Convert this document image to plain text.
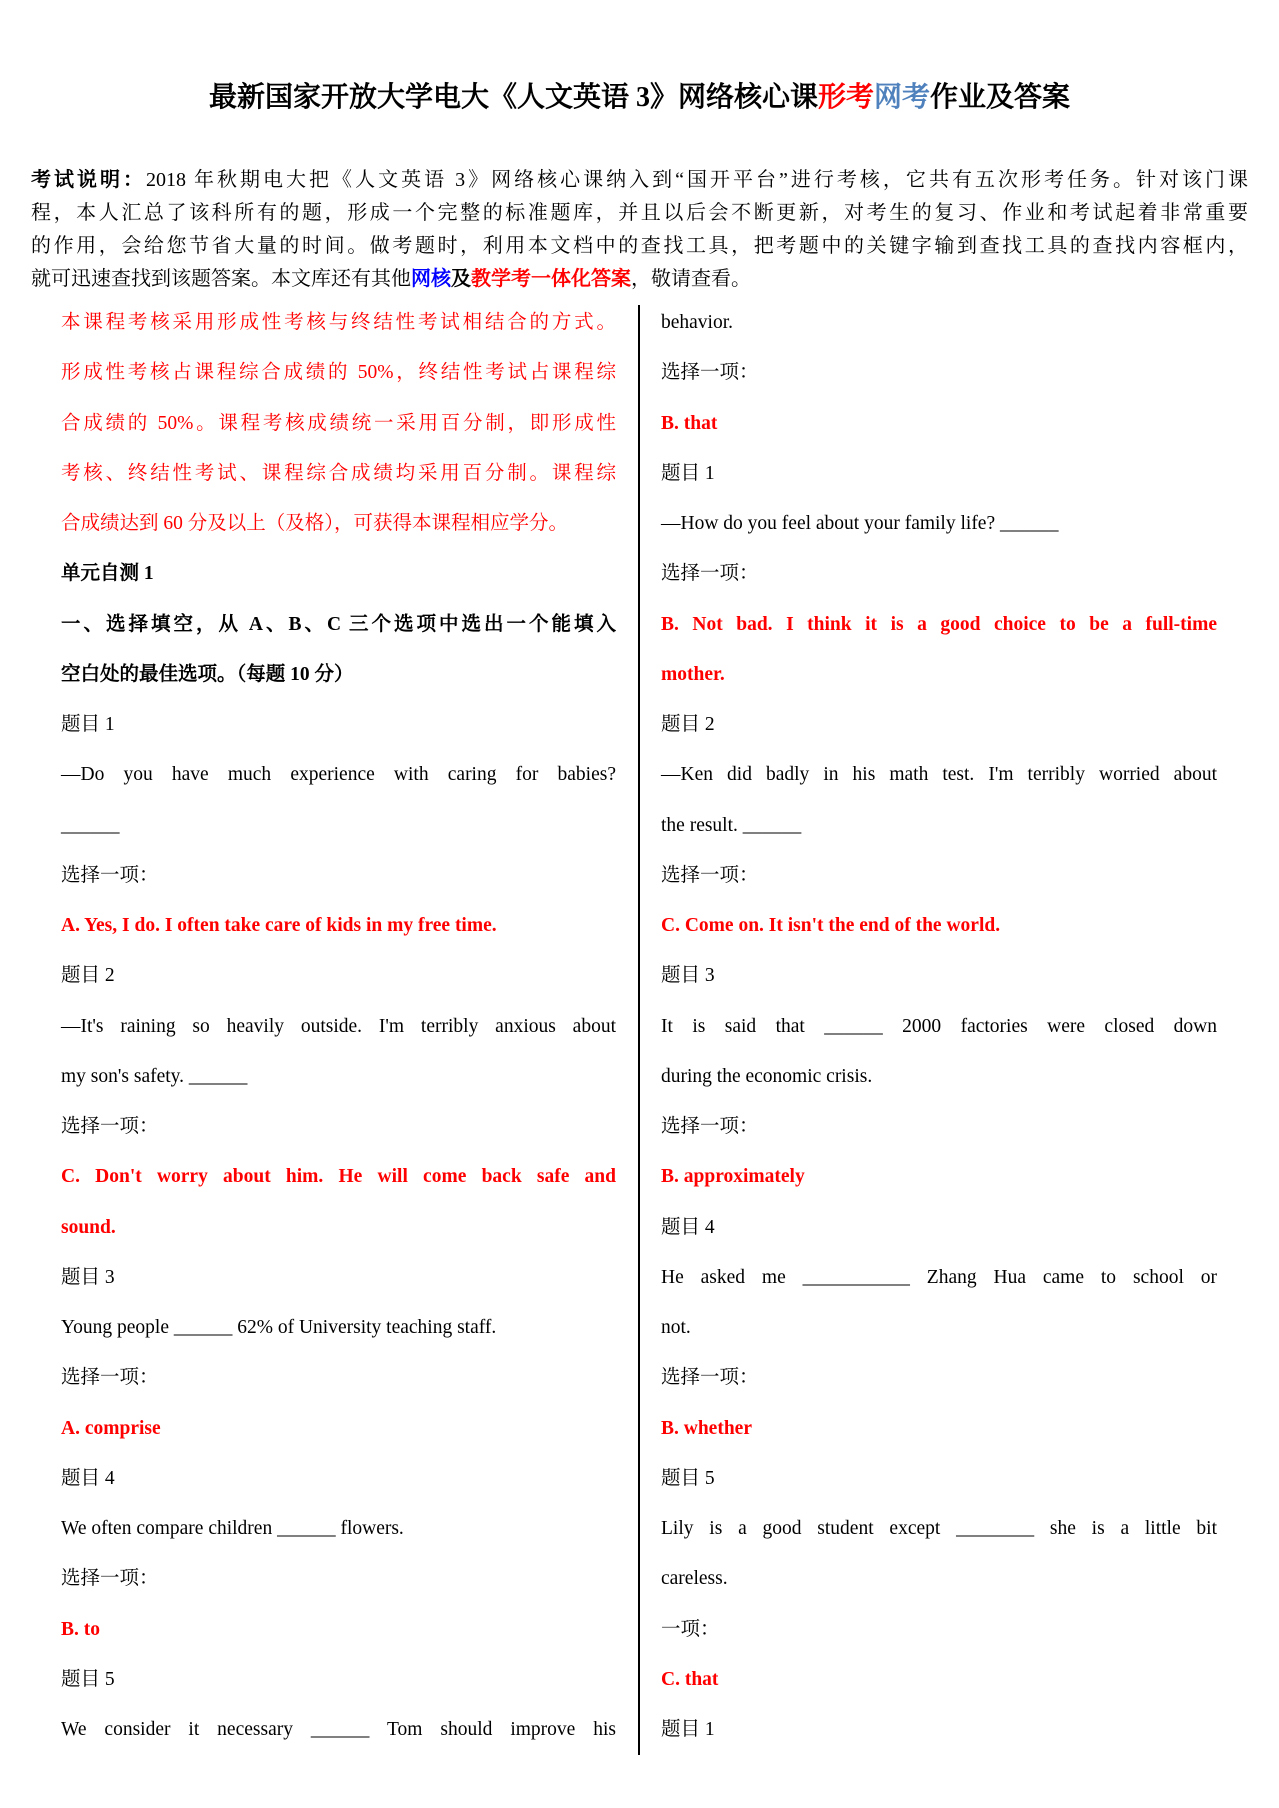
最新国家开放大学电大《人文英语 3》网络核心课形考网考作业及答案
考试说明：2018 年秋期电大把《人文英语 3》网络核心课纳入到“国开平台”进行考核，它共有五次形考任务。针对该门课
程，本人汇总了该科所有的题，形成一个完整的标准题库，并且以后会不断更新，对考生的复习、作业和考试起着非常重要
的作用，会给您节省大量的时间。做考题时，利用本文档中的查找工具，把考题中的关键字输到查找工具的查找内容框内，
就可迅速查找到该题答案。本文库还有其他网核及教学考一体化答案，敬请查看。
本课程考核采用形成性考核与终结性考试相结合的方式。
形成性考核占课程综合成绩的 50%，终结性考试占课程综
合成绩的 50%。课程考核成绩统一采用百分制，即形成性
考核、终结性考试、课程综合成绩均采用百分制。课程综
合成绩达到 60 分及以上（及格），可获得本课程相应学分。
单元自测 1
一、选择填空，从 A、B、C 三个选项中选出一个能填入
空白处的最佳选项。（每题 10 分）
题目 1
—Do you have much experience with caring for babies?
______
选择一项：
A. Yes, I do. I often take care of kids in my free time.
题目 2
—It's raining so heavily outside. I'm terribly anxious about
my son's safety. ______
选择一项：
C. Don't worry about him. He will come back safe and
sound.
题目 3
Young people ______ 62% of University teaching staff.
选择一项：
A. comprise
题目 4
We often compare children ______ flowers.
选择一项：
B. to
题目 5
We consider it necessary ______ Tom should improve his
behavior.
选择一项：
B. that
题目 1
—How do you feel about your family life? ______
选择一项：
B. Not bad. I think it is a good choice to be a full-time
mother.
题目 2
—Ken did badly in his math test. I'm terribly worried about
the result. ______
选择一项：
C. Come on. It isn't the end of the world.
题目 3
It is said that ______ 2000 factories were closed down
during the economic crisis.
选择一项：
B. approximately
题目 4
He asked me ___________ Zhang Hua came to school or
not.
选择一项：
B. whether
题目 5
Lily is a good student except ________ she is a little bit
careless.
一项：
C. that
题目 1
